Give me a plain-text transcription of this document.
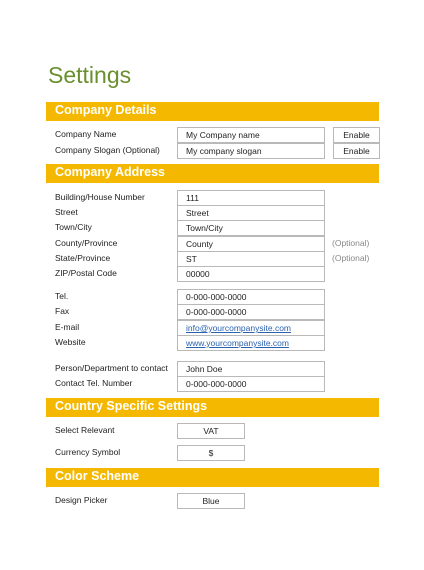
Settings
Company Details
Company Name	My Company name	Enable
Company Slogan (Optional)	My company slogan	Enable
Company Address
Building/House Number	111
Street	Street
Town/City	Town/City
County/Province	County	(Optional)
State/Province	ST	(Optional)
ZIP/Postal Code	00000
Tel.	0-000-000-0000
Fax	0-000-000-0000
E-mail	info@yourcompanysite.com
Website	www.yourcompanysite.com
Person/Department to contact	John Doe
Contact Tel. Number	0-000-000-0000
Country Specific Settings
Select Relevant	VAT
Currency Symbol	$
Color Scheme
Design Picker	Blue
